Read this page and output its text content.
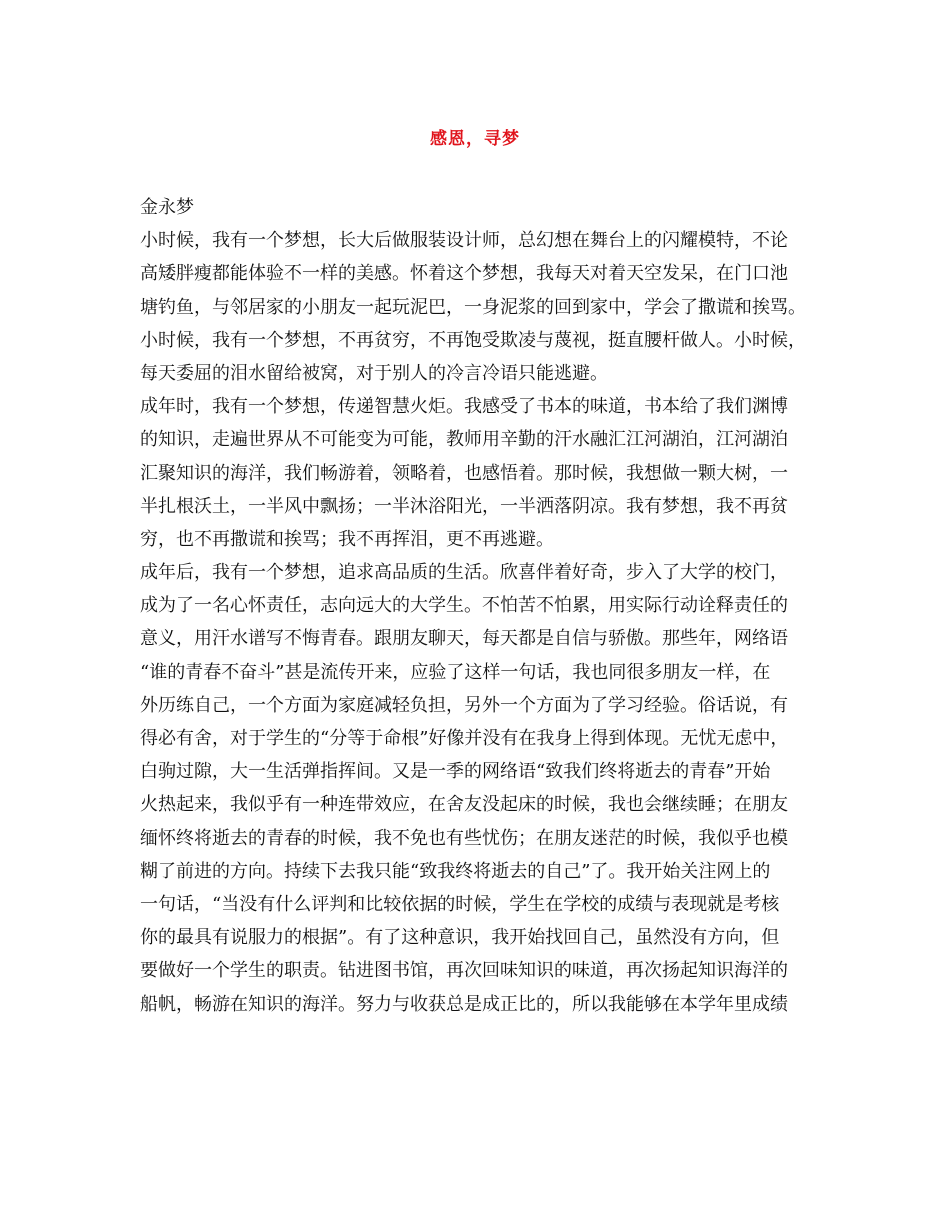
感恩，寻梦
金永梦
小时候，我有一个梦想，长大后做服装设计师，总幻想在舞台上的闪耀模特，不论
高矮胖瘦都能体验不一样的美感。怀着这个梦想，我每天对着天空发呆，在门口池
塘钓鱼，与邻居家的小朋友一起玩泥巴，一身泥浆的回到家中，学会了撒谎和挨骂。
小时候，我有一个梦想，不再贫穷，不再饱受欺凌与蔑视，挺直腰杆做人。小时候，
每天委屈的泪水留给被窝，对于别人的冷言冷语只能逃避。
成年时，我有一个梦想，传递智慧火炬。我感受了书本的味道，书本给了我们渊博
的知识，走遍世界从不可能变为可能，教师用辛勤的汗水融汇江河湖泊，江河湖泊
汇聚知识的海洋，我们畅游着，领略着，也感悟着。那时候，我想做一颗大树，一
半扎根沃土，一半风中飘扬；一半沐浴阳光，一半洒落阴凉。我有梦想，我不再贫
穷，也不再撒谎和挨骂；我不再挥泪，更不再逃避。
成年后，我有一个梦想，追求高品质的生活。欣喜伴着好奇，步入了大学的校门，
成为了一名心怀责任，志向远大的大学生。不怕苦不怕累，用实际行动诠释责任的
意义，用汗水谱写不悔青春。跟朋友聊天，每天都是自信与骄傲。那些年，网络语
“谁的青春不奋斗”甚是流传开来，应验了这样一句话，我也同很多朋友一样，在
外历练自己，一个方面为家庭减轻负担，另外一个方面为了学习经验。俗话说，有
得必有舍，对于学生的“分等于命根”好像并没有在我身上得到体现。无忧无虑中，
白驹过隙，大一生活弹指挥间。又是一季的网络语“致我们终将逝去的青春”开始
火热起来，我似乎有一种连带效应，在舍友没起床的时候，我也会继续睡；在朋友
缅怀终将逝去的青春的时候，我不免也有些忧伤；在朋友迷茫的时候，我似乎也模
糊了前进的方向。持续下去我只能“致我终将逝去的自己”了。我开始关注网上的
一句话，“当没有什么评判和比较依据的时候，学生在学校的成绩与表现就是考核
你的最具有说服力的根据”。有了这种意识，我开始找回自己，虽然没有方向，但
要做好一个学生的职责。钻进图书馆，再次回味知识的味道，再次扬起知识海洋的
船帆，畅游在知识的海洋。努力与收获总是成正比的，所以我能够在本学年里成绩
